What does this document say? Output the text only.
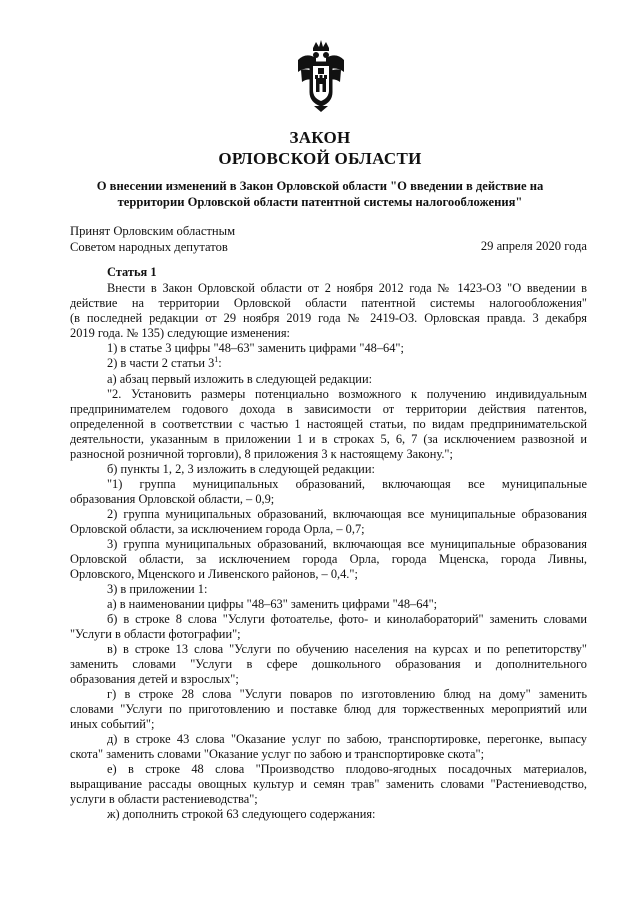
ЗАКОН
ОРЛОВСКОЙ ОБЛАСТИ
О внесении изменений в Закон Орловской области "О введении в действие на
территории Орловской области патентной системы налогообложения"
Принят Орловским областным
Советом народных депутатов	29 апреля 2020 года
Статья 1
Внести в Закон Орловской области от 2 ноября 2012 года № 1423-ОЗ "О введении в
действие на территории Орловской области патентной системы налогообложения"
(в последней редакции от 29 ноября 2019 года № 2419-ОЗ. Орловская правда. 3 декабря
2019 года. № 135) следующие изменения:
1) в статье 3 цифры "48–63" заменить цифрами "48–64";
2) в части 2 статьи $3^1$:
а) абзац первый изложить в следующей редакции:
"2. Установить размеры потенциально возможного к получению индивидуальным
предпринимателем годового дохода в зависимости от территории действия патентов,
определенной в соответствии с частью 1 настоящей статьи, по видам предпринимательской
деятельности, указанным в приложении 1 и в строках 5, 6, 7 (за исключением развозной и
разносной розничной торговли), 8 приложения 3 к настоящему Закону.";
б) пункты 1, 2, 3 изложить в следующей редакции:
"1) группа муниципальных образований, включающая все муниципальные
образования Орловской области, – 0,9;
2) группа муниципальных образований, включающая все муниципальные образования
Орловской области, за исключением города Орла, – 0,7;
3) группа муниципальных образований, включающая все муниципальные образования
Орловской области, за исключением города Орла, города Мценска, города Ливны,
Орловского, Мценского и Ливенского районов, – 0,4.";
3) в приложении 1:
а) в наименовании цифры "48–63" заменить цифрами "48–64";
б) в строке 8 слова "Услуги фотоателье, фото- и кинолабораторий" заменить словами
"Услуги в области фотографии";
в) в строке 13 слова "Услуги по обучению населения на курсах и по репетиторству"
заменить словами "Услуги в сфере дошкольного образования и дополнительного
образования детей и взрослых";
г) в строке 28 слова "Услуги поваров по изготовлению блюд на дому" заменить
словами "Услуги по приготовлению и поставке блюд для торжественных мероприятий или
иных событий";
д) в строке 43 слова "Оказание услуг по забою, транспортировке, перегонке, выпасу
скота" заменить словами "Оказание услуг по забою и транспортировке скота";
е) в строке 48 слова "Производство плодово-ягодных посадочных материалов,
выращивание рассады овощных культур и семян трав" заменить словами "Растениеводство,
услуги в области растениеводства";
ж) дополнить строкой 63 следующего содержания:
